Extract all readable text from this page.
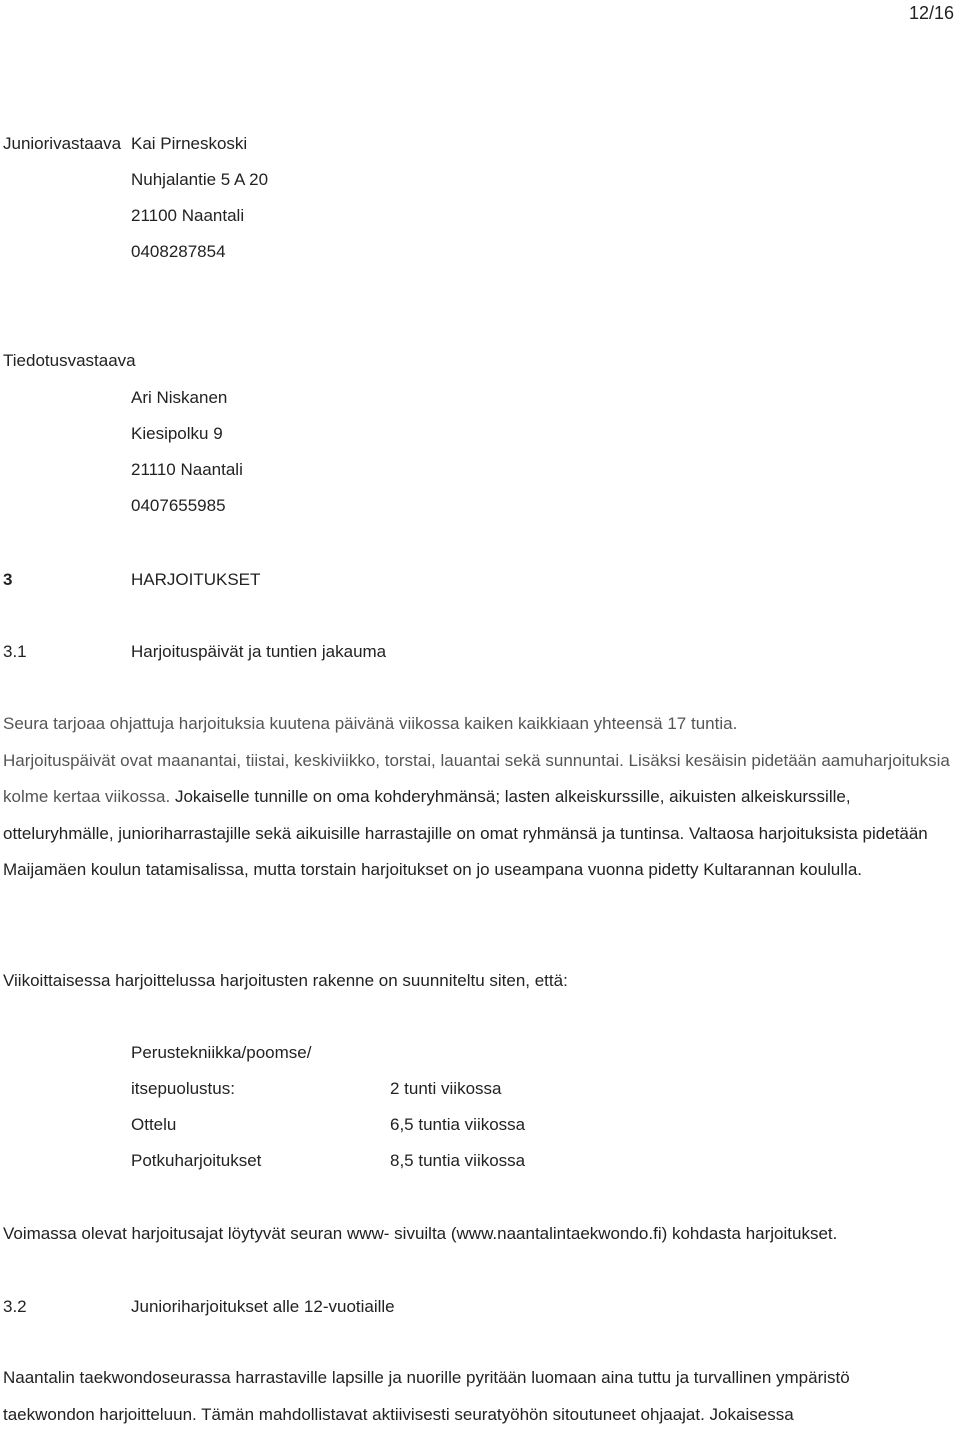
12/16
Juniorivastaava Kai Pirneskoski
Nuhjalantie 5 A 20
21100 Naantali
0408287854
Tiedotusvastaava
Ari Niskanen
Kiesipolku 9
21110 Naantali
0407655985
3	HARJOITUKSET
3.1	Harjoituspäivät ja tuntien jakauma
Seura tarjoaa ohjattuja harjoituksia kuutena päivänä viikossa kaiken kaikkiaan yhteensä 17 tuntia.
Harjoituspäivät ovat maanantai, tiistai, keskiviikko, torstai, lauantai sekä sunnuntai. Lisäksi kesäisin pidetään aamuharjoituksia kolme kertaa viikossa. Jokaiselle tunnille on oma kohderyhmänsä; lasten alkeiskurssille, aikuisten alkeiskurssille, otteluryhmälle, junioriharrastajille sekä aikuisille harrastajille on omat ryhmänsä ja tuntinsa. Valtaosa harjoituksista pidetään Maijamäen koulun tatamisalissa, mutta torstain harjoitukset on jo useampana vuonna pidetty Kultarannan koululla.
Viikoittaisessa harjoittelussa harjoitusten rakenne on suunniteltu siten, että:
Perustekniikka/poomse/
itsepuolustus:	2 tunti viikossa
Ottelu	6,5 tuntia viikossa
Potkuharjoitukset	8,5 tuntia viikossa
Voimassa olevat harjoitusajat löytyvät seuran www- sivuilta (www.naantalintaekwondo.fi) kohdasta harjoitukset.
3.2	Junioriharjoitukset alle 12-vuotiaille
Naantalin taekwondoseurassa harrastaville lapsille ja nuorille pyritään luomaan aina tuttu ja turvallinen ympäristö taekwondon harjoitteluun. Tämän mahdollistavat aktiivisesti seuratyöhön sitoutuneet ohjaajat. Jokaisessa
